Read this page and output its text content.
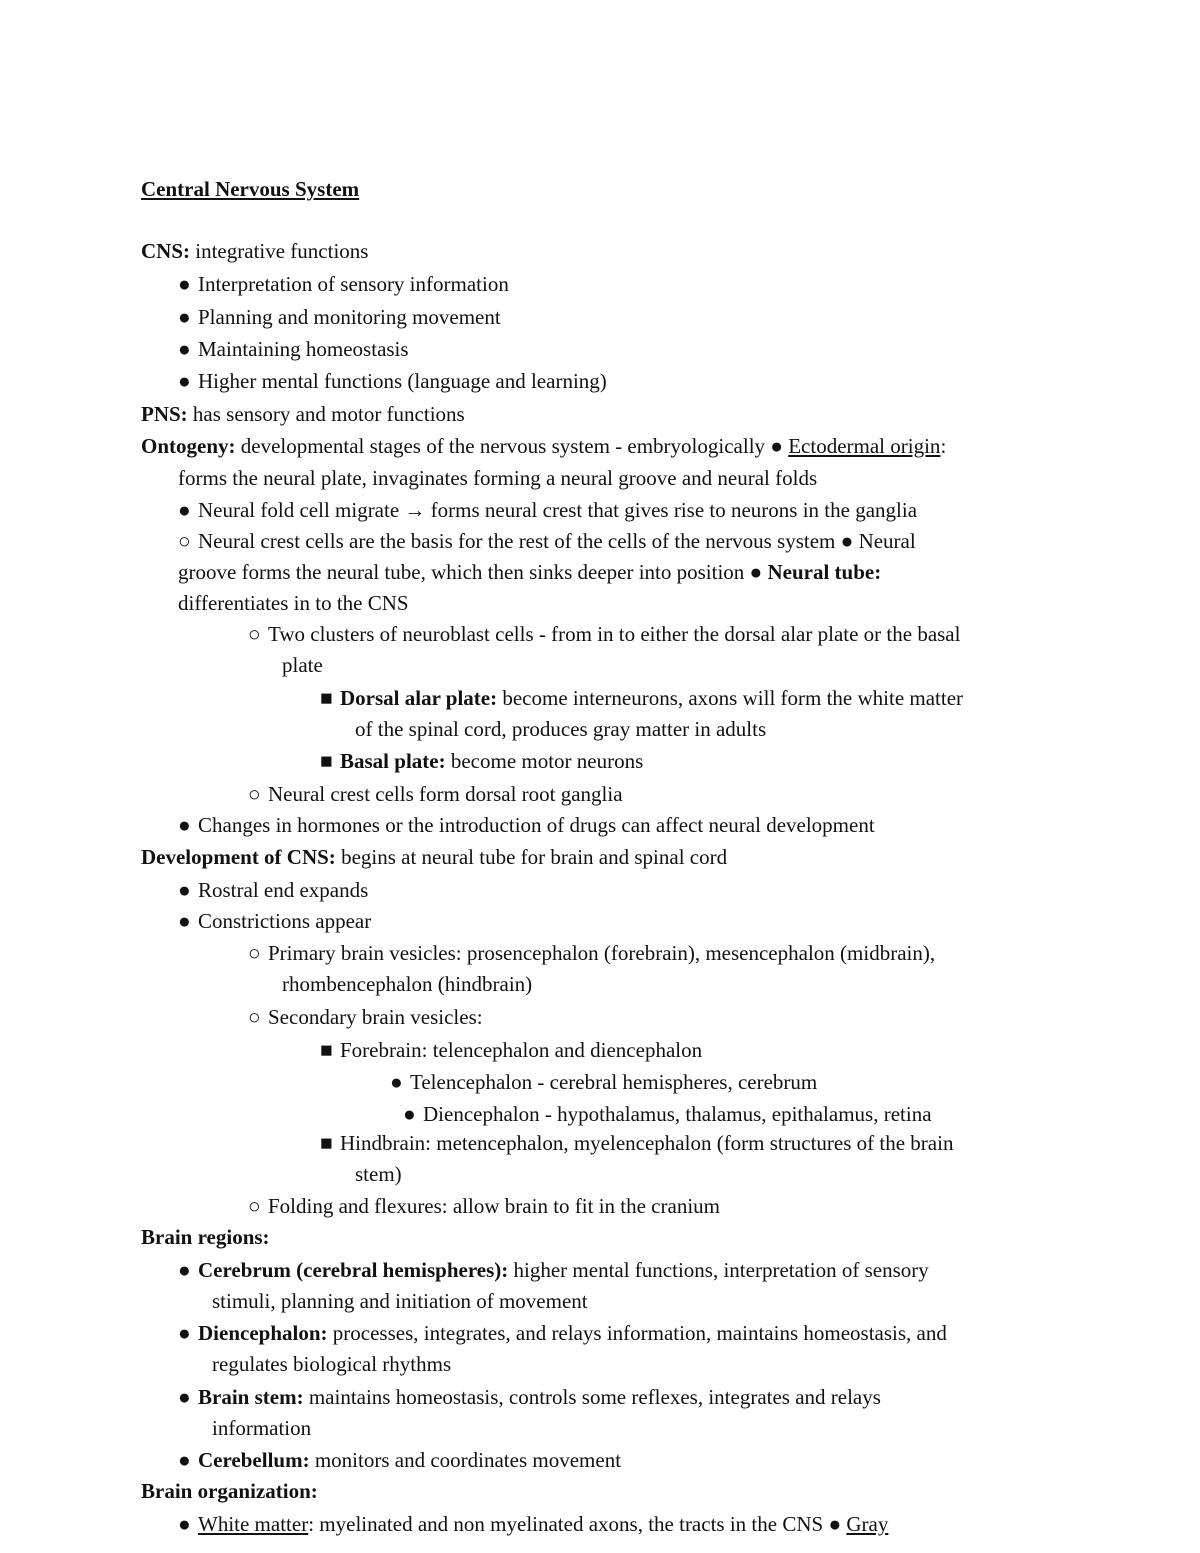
Central Nervous System
CNS: integrative functions
● Interpretation of sensory information
● Planning and monitoring movement
● Maintaining homeostasis
● Higher mental functions (language and learning)
PNS: has sensory and motor functions
Ontogeny: developmental stages of the nervous system - embryologically ● Ectodermal origin:
forms the neural plate, invaginates forming a neural groove and neural folds
● Neural fold cell migrate → forms neural crest that gives rise to neurons in the ganglia
○ Neural crest cells are the basis for the rest of the cells of the nervous system ● Neural
groove forms the neural tube, which then sinks deeper into position ● Neural tube:
differentiates in to the CNS
○ Two clusters of neuroblast cells - from in to either the dorsal alar plate or the basal
plate
■ Dorsal alar plate: become interneurons, axons will form the white matter
of the spinal cord, produces gray matter in adults
■ Basal plate: become motor neurons
○ Neural crest cells form dorsal root ganglia
● Changes in hormones or the introduction of drugs can affect neural development
Development of CNS: begins at neural tube for brain and spinal cord
● Rostral end expands
● Constrictions appear
○ Primary brain vesicles: prosencephalon (forebrain), mesencephalon (midbrain),
rhombencephalon (hindbrain)
○ Secondary brain vesicles:
■ Forebrain: telencephalon and diencephalon
● Telencephalon - cerebral hemispheres, cerebrum
● Diencephalon - hypothalamus, thalamus, epithalamus, retina
■ Hindbrain: metencephalon, myelencephalon (form structures of the brain
stem)
○ Folding and flexures: allow brain to fit in the cranium
Brain regions:
● Cerebrum (cerebral hemispheres): higher mental functions, interpretation of sensory
stimuli, planning and initiation of movement
● Diencephalon: processes, integrates, and relays information, maintains homeostasis, and
regulates biological rhythms
● Brain stem: maintains homeostasis, controls some reflexes, integrates and relays
information
● Cerebellum: monitors and coordinates movement
Brain organization:
● White matter: myelinated and non myelinated axons, the tracts in the CNS ● Gray
